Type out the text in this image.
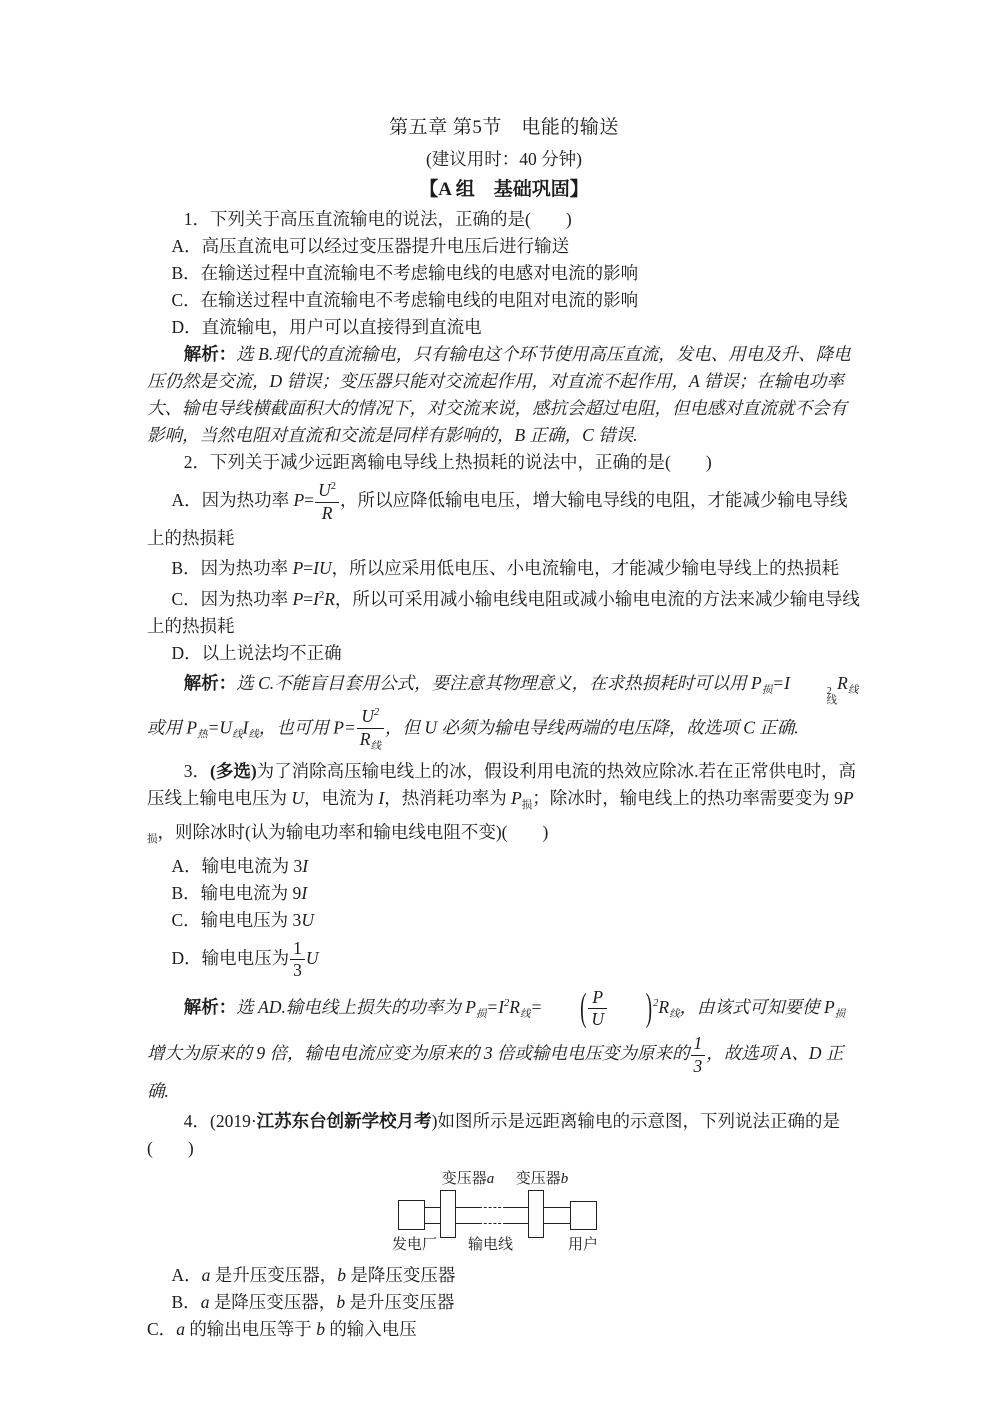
第五章 第5节　电能的输送

(建议用时：40 分钟)

【A 组　基础巩固】

1．下列关于高压直流输电的说法，正确的是(　　)

A．高压直流电可以经过变压器提升电压后进行输送

B．在输送过程中直流输电不考虑输电线的电感对电流的影响

C．在输送过程中直流输电不考虑输电线的电阻对电流的影响

D．直流输电，用户可以直接得到直流电

解析：选 B.现代的直流输电，只有输电这个环节使用高压直流，发电、用电及升、降电压仍然是交流，D 错误；变压器只能对交流起作用，对直流不起作用，A 错误；在输电功率大、输电导线横截面积大的情况下，对交流来说，感抗会超过电阻，但电感对直流就不会有影响，当然电阻对直流和交流是同样有影响的，B 正确，C 错误.

2．下列关于减少远距离输电导线上热损耗的说法中，正确的是(　　)

A．因为热功率 $P= \frac{U^2}{R}$ ，所以应降低输电电压，增大输电导线的电阻，才能减少输电导线上的热损耗

B．因为热功率 P=IU，所以应采用低电压、小电流输电，才能减少输电导线上的热损耗

C．因为热功率 $P=I^2R$，所以可采用减小输电线电阻或减小输电电流的方法来减少输电导线上的热损耗

D．以上说法均不正确

解析：选 C.不能盲目套用公式，要注意其物理意义，在求热损耗时可以用 $P_损=I$	2
线
$R_线$ 或用 $P_热=U_线I_线$，也可用 $P= \frac{U^2}{R_线}$ ，但 U 必须为输电导线两端的电压降，故选项 C 正确.

3．(多选)为了消除高压输电线上的冰，假设利用电流的热效应除冰.若在正常供电时，高压线上输电电压为 U，电流为 I，热消耗功率为 $P_损$；除冰时，输电线上的热功率需要变为 $9P_损$，则除冰时(认为输电功率和输电线电阻不变)(　　)

A．输电电流为 3I

B．输电电流为 9I

C．输电电压为 3U

D．输电电压为 $\frac{1}{3}$ U

解析：选 AD.输电线上损失的功率为 $P_损=I^2R_线=$ ( $\frac{P}{U} )^2R_线$，由该式可知要使 $P_损$ 增大为原来的 9 倍，输电电流应变为原来的 3 倍或输电电压变为原来的 $\frac{1}{3}$ ，故选项 A、D 正确.

4．(2019·江苏东台创新学校月考)如图所示是远距离输电的示意图，下列说法正确的是(　　)

变压器a	变压器b
发电厂 输电线	用户

A．a 是升压变压器，b 是降压变压器

B．a 是降压变压器，b 是升压变压器

C．a 的输出电压等于 b 的输入电压
